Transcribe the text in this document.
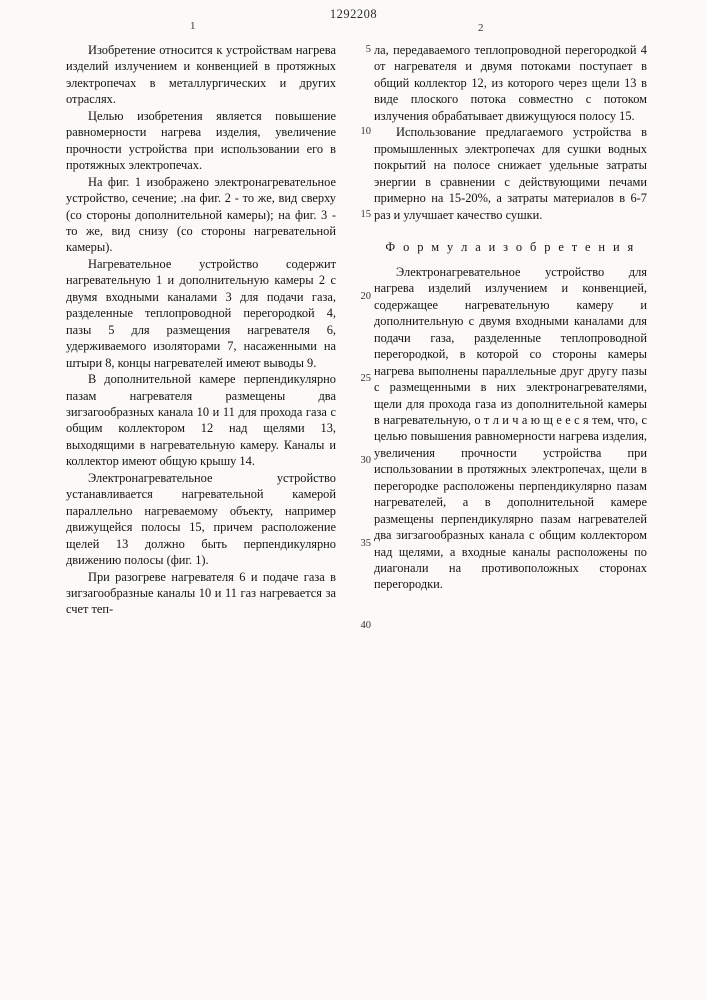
1292208
1	2
5
10
15
20
25
30
35
40

Изобретение относится к устройствам нагрева изделий излучением и конвенцией в протяжных электропечах в металлургических и других отраслях.

Целью изобретения является повышение равномерности нагрева изделия, увеличение прочности устройства при использовании его в протяжных электропечах.

На фиг. 1 изображено электронагревательное устройство, сечение; .на фиг. 2 - то же, вид сверху (со стороны дополнительной камеры); на фиг. 3 - то же, вид снизу (со стороны нагревательной камеры).

Нагревательное устройство содержит нагревательную 1 и дополнительную камеры 2 с двумя входными каналами 3 для подачи газа, разделенные теплопроводной перегородкой 4, пазы 5 для размещения нагревателя 6, удерживаемого изоляторами 7, насаженными на штыри 8, концы нагревателей имеют выводы 9.

В дополнительной камере перпендикулярно пазам нагревателя размещены два зигзагообразных канала 10 и 11 для прохода газа с общим коллектором 12 над щелями 13, выходящими в нагревательную камеру. Каналы и коллектор имеют общую крышу 14.

Электронагревательное устройство устанавливается нагревательной камерой параллельно нагреваемому объекту, например движущейся полосы 15, причем расположение щелей 13 должно быть перпендикулярно движению полосы (фиг. 1).

При разогреве нагревателя 6 и подаче газа в зигзагообразные каналы 10 и 11 газ нагревается за счет теп-

ла, передаваемого теплопроводной перегородкой 4 от нагревателя и двумя потоками поступает в общий коллектор 12, из которого через щели 13 в виде плоского потока совместно с потоком излучения обрабатывает движущуюся полосу 15.

Использование предлагаемого устройства в промышленных электропечах для сушки водных покрытий на полосе снижает удельные затраты энергии в сравнении с действующими печами примерно на 15-20%, а затраты материалов в 6-7 раз и улучшает качество сушки.

Ф о р м у л а и з о б р е т е н и я

Электронагревательное устройство для нагрева изделий излучением и конвенцией, содержащее нагревательную камеру и дополнительную с двумя входными каналами для подачи газа, разделенные теплопроводной перегородкой, в которой со стороны камеры нагрева выполнены параллельные друг другу пазы с размещенными в них электронагревателями, щели для прохода газа из дополнительной камеры в нагревательную, о т л и ч а ю щ е е с я тем, что, с целью повышения равномерности нагрева изделия, увеличения прочности устройства при использовании в протяжных электропечах, щели в перегородке расположены перпендикулярно пазам нагревателей, а в дополнительной камере размещены перпендикулярно пазам нагревателей два зигзагообразных канала с общим коллектором над щелями, а входные каналы расположены по диагонали на противоположных сторонах перегородки.
